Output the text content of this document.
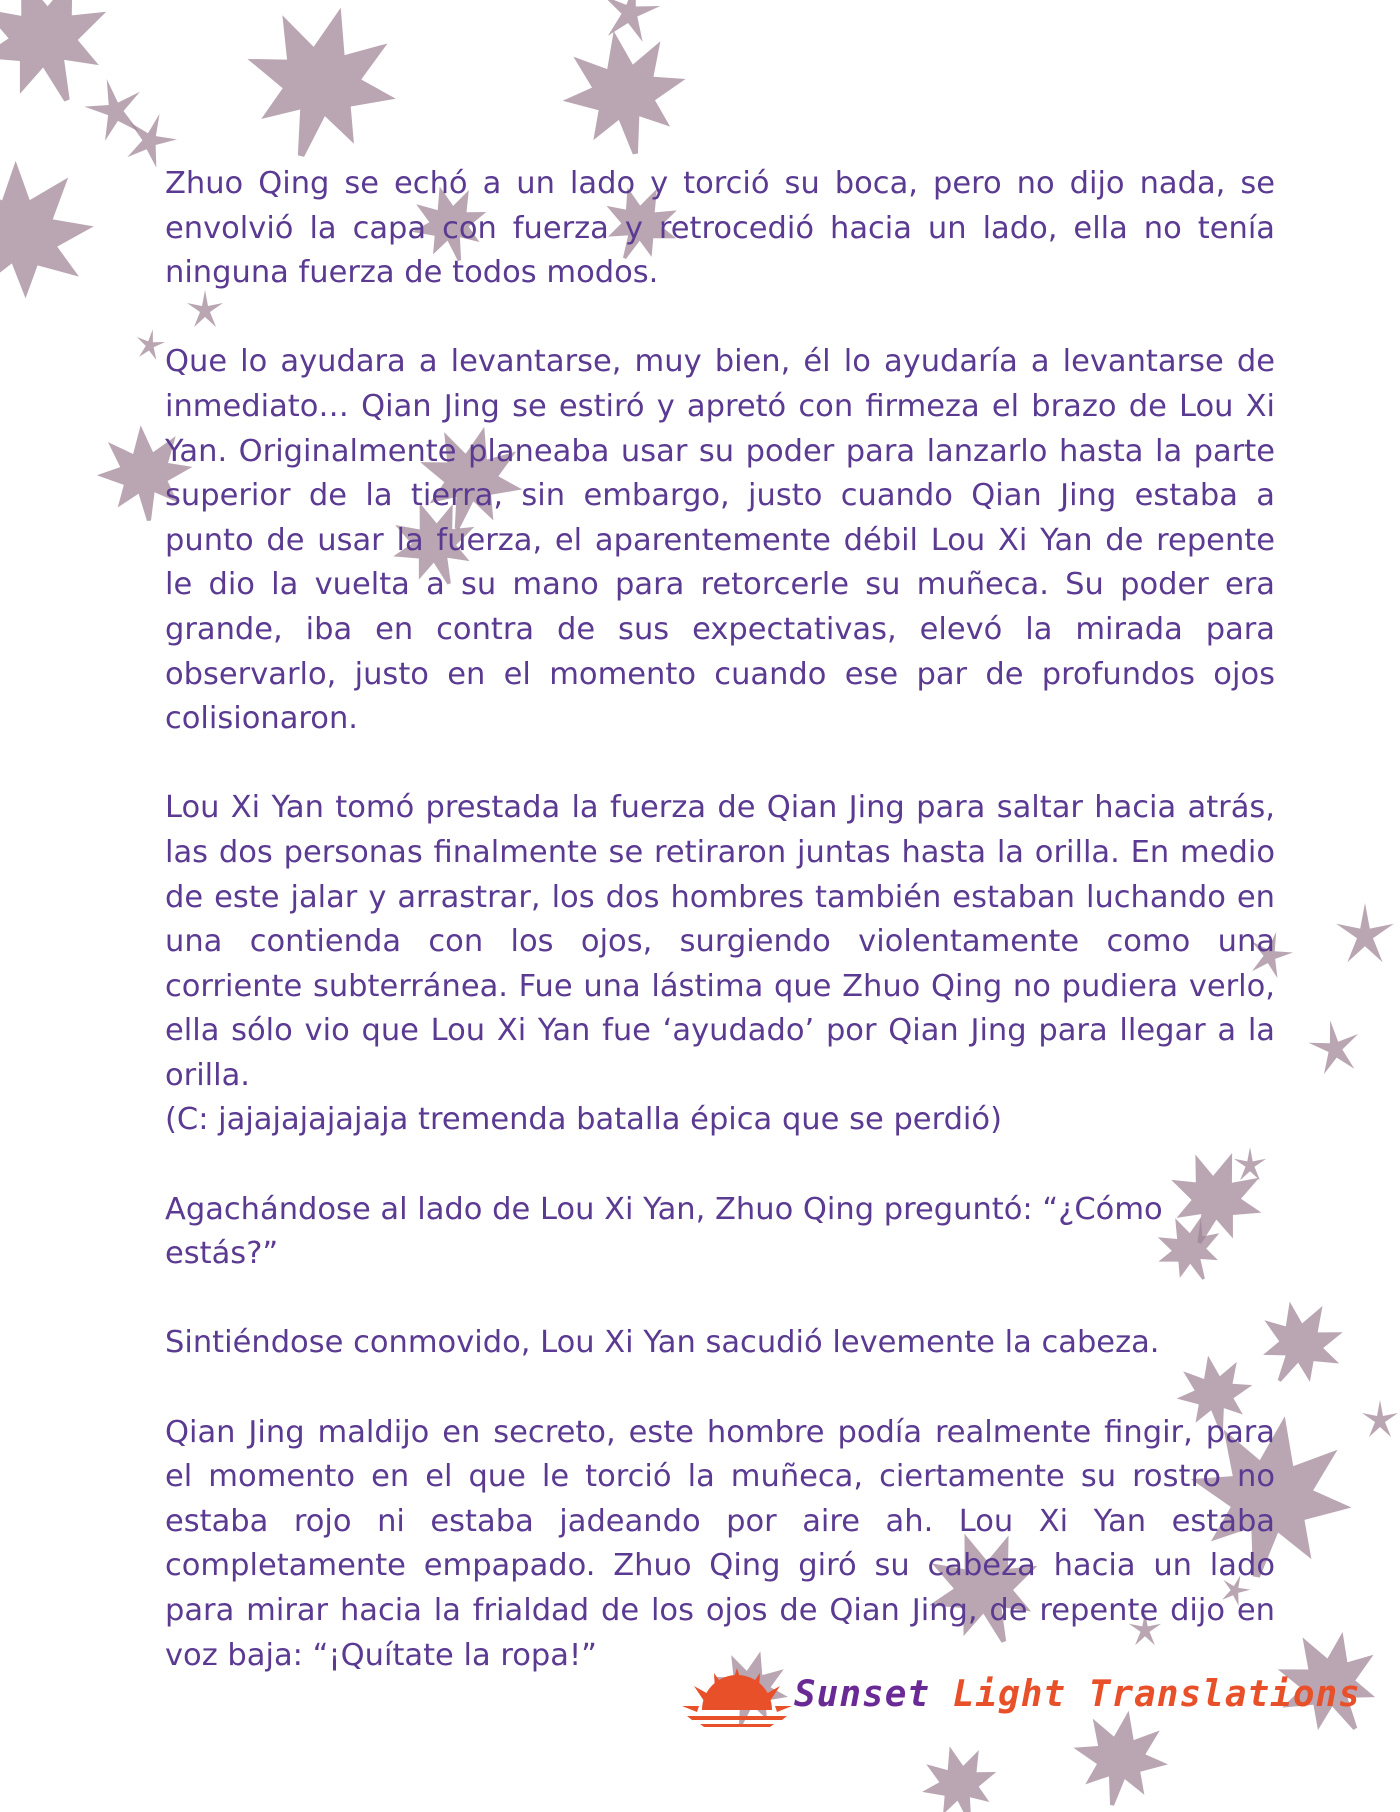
Zhuo Qing se echó a un lado y torció su boca, pero no dijo nada, se envolvió la capa con fuerza y retrocedió hacia un lado, ella no tenía ninguna fuerza de todos modos.

Que lo ayudara a levantarse, muy bien, él lo ayudaría a levantarse de inmediato… Qian Jing se estiró y apretó con firmeza el brazo de Lou Xi Yan. Originalmente planeaba usar su poder para lanzarlo hasta la parte superior de la tierra, sin embargo, justo cuando Qian Jing estaba a punto de usar la fuerza, el aparentemente débil Lou Xi Yan de repente le dio la vuelta a su mano para retorcerle su muñeca. Su poder era grande, iba en contra de sus expectativas, elevó la mirada para observarlo, justo en el momento cuando ese par de profundos ojos colisionaron.

Lou Xi Yan tomó prestada la fuerza de Qian Jing para saltar hacia atrás, las dos personas finalmente se retiraron juntas hasta la orilla. En medio de este jalar y arrastrar, los dos hombres también estaban luchando en una contienda con los ojos, surgiendo violentamente como una corriente subterránea. Fue una lástima que Zhuo Qing no pudiera verlo, ella sólo vio que Lou Xi Yan fue ‘ayudado’ por Qian Jing para llegar a la orilla.

(C: jajajajajajaja tremenda batalla épica que se perdió)

Agachándose al lado de Lou Xi Yan, Zhuo Qing preguntó: “¿Cómo estás?”

Sintiéndose conmovido, Lou Xi Yan sacudió levemente la cabeza.

Qian Jing maldijo en secreto, este hombre podía realmente fingir, para el momento en el que le torció la muñeca, ciertamente su rostro no estaba rojo ni estaba jadeando por aire ah. Lou Xi Yan estaba completamente empapado. Zhuo Qing giró su cabeza hacia un lado para mirar hacia la frialdad de los ojos de Qian Jing, de repente dijo en voz baja: “¡Quítate la ropa!”

Sunset Light Translations
